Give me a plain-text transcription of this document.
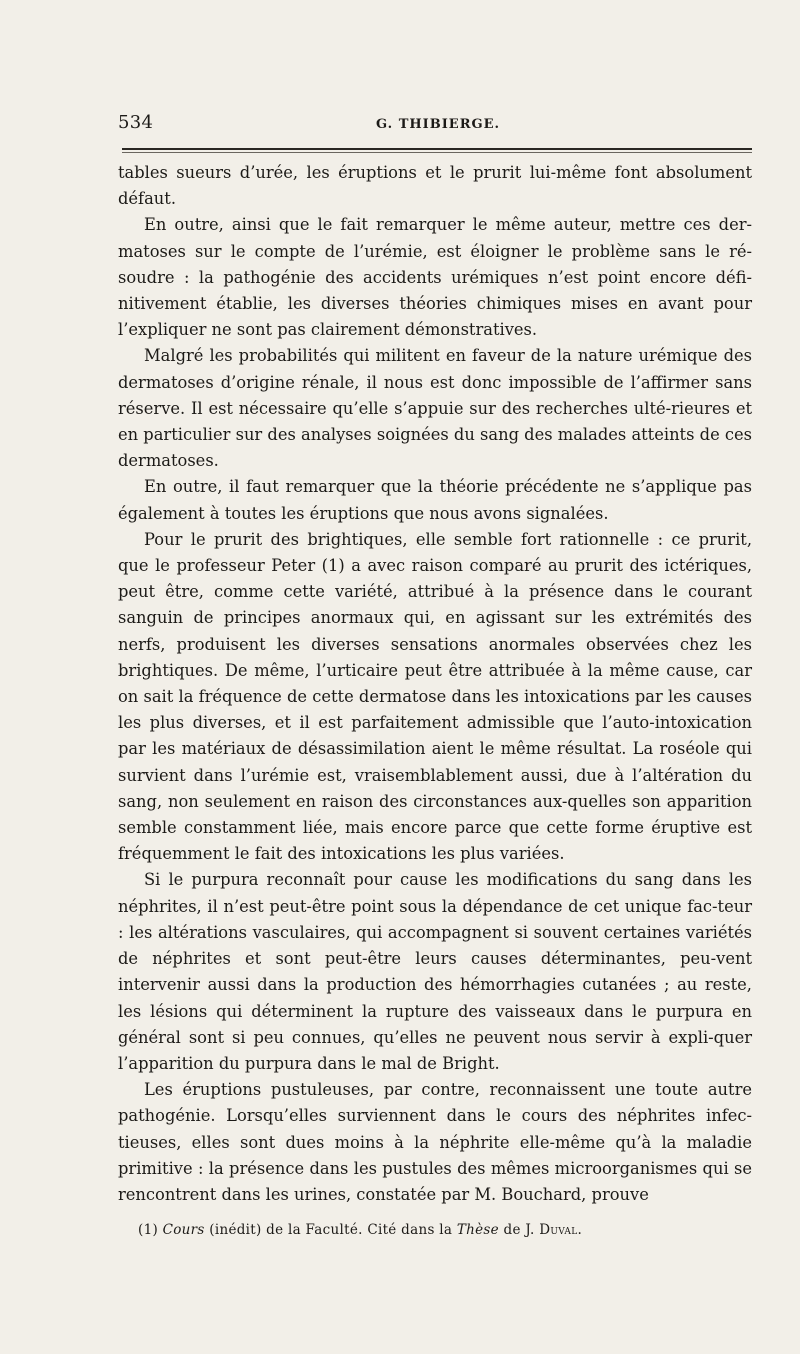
534	G. THIBIERGE.

tables sueurs d’urée, les éruptions et le prurit lui-même font absolument défaut.

En outre, ainsi que le fait remarquer le même auteur, mettre ces der-matoses sur le compte de l’urémie, est éloigner le problème sans le ré-soudre : la pathogénie des accidents urémiques n’est point encore défi-nitivement établie, les diverses théories chimiques mises en avant pour l’expliquer ne sont pas clairement démonstratives.

Malgré les probabilités qui militent en faveur de la nature urémique des dermatoses d’origine rénale, il nous est donc impossible de l’affirmer sans réserve. Il est nécessaire qu’elle s’appuie sur des recherches ulté-rieures et en particulier sur des analyses soignées du sang des malades atteints de ces dermatoses.

En outre, il faut remarquer que la théorie précédente ne s’applique pas également à toutes les éruptions que nous avons signalées.

Pour le prurit des brightiques, elle semble fort rationnelle : ce prurit, que le professeur Peter (1) a avec raison comparé au prurit des ictériques, peut être, comme cette variété, attribué à la présence dans le courant sanguin de principes anormaux qui, en agissant sur les extrémités des nerfs, produisent les diverses sensations anormales observées chez les brightiques. De même, l’urticaire peut être attribuée à la même cause, car on sait la fréquence de cette dermatose dans les intoxications par les causes les plus diverses, et il est parfaitement admissible que l’auto-intoxication par les matériaux de désassimilation aient le même résultat. La roséole qui survient dans l’urémie est, vraisemblablement aussi, due à l’altération du sang, non seulement en raison des circonstances aux-quelles son apparition semble constamment liée, mais encore parce que cette forme éruptive est fréquemment le fait des intoxications les plus variées.

Si le purpura reconnaît pour cause les modifications du sang dans les néphrites, il n’est peut-être point sous la dépendance de cet unique fac-teur : les altérations vasculaires, qui accompagnent si souvent certaines variétés de néphrites et sont peut-être leurs causes déterminantes, peu-vent intervenir aussi dans la production des hémorrhagies cutanées ; au reste, les lésions qui déterminent la rupture des vaisseaux dans le purpura en général sont si peu connues, qu’elles ne peuvent nous servir à expli-quer l’apparition du purpura dans le mal de Bright.

Les éruptions pustuleuses, par contre, reconnaissent une toute autre pathogénie. Lorsqu’elles surviennent dans le cours des néphrites infec-tieuses, elles sont dues moins à la néphrite elle-même qu’à la maladie primitive : la présence dans les pustules des mêmes microorganismes qui se rencontrent dans les urines, constatée par M. Bouchard, prouve

(1) Cours (inédit) de la Faculté. Cité dans la Thèse de J. Duval.
